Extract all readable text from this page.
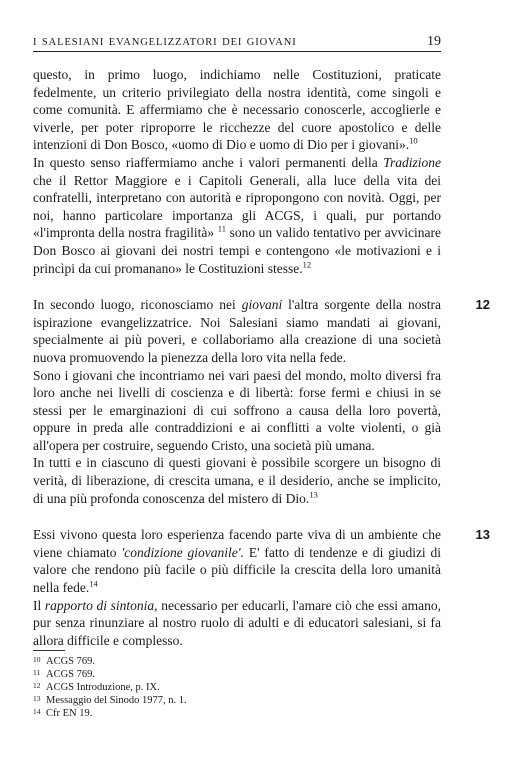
I SALESIANI EVANGELIZZATORI DEI GIOVANI	19

questo, in primo luogo, indichiamo nelle Costituzioni, praticate fedelmente, un criterio privilegiato della nostra identità, come singoli e come comunità. E affermiamo che è necessario conoscerle, accoglierle e viverle, per poter riproporre le ricchezze del cuore apostolico e delle intenzioni di Don Bosco, «uomo di Dio e uomo di Dio per i giovani».$^{10}$

In questo senso riaffermiamo anche i valori permanenti della Tradizione che il Rettor Maggiore e i Capitoli Generali, alla luce della vita dei confratelli, interpretano con autorità e ripropongono con novità. Oggi, per noi, hanno particolare importanza gli ACGS, i quali, pur portando «l'impronta della nostra fragilità» $^{11}$ sono un valido tentativo per avvicinare Don Bosco ai giovani dei nostri tempi e contengono «le motivazioni e i princìpi da cui promanano» le Costituzioni stesse.$^{12}$

In secondo luogo, riconosciamo nei giovani l'altra sorgente della nostra ispirazione evangelizzatrice. Noi Salesiani siamo mandati ai giovani, specialmente ai più poveri, e collaboriamo alla creazione di una società nuova promuovendo la pienezza della loro vita nella fede.
12

Sono i giovani che incontriamo nei vari paesi del mondo, molto diversi fra loro anche nei livelli di coscienza e di libertà: forse fermi e chiusi in se stessi per le emarginazioni di cui soffrono a causa della loro povertà, oppure in preda alle contraddizioni e ai conflitti a volte violenti, o già all'opera per costruire, seguendo Cristo, una società più umana.

In tutti e in ciascuno di questi giovani è possibile scorgere un bisogno di verità, di liberazione, di crescita umana, e il desiderio, anche se implicito, di una più profonda conoscenza del mistero di Dio.$^{13}$

Essi vivono questa loro esperienza facendo parte viva di un ambiente che viene chiamato 'condizione giovanile'. E' fatto di tendenze e di giudizi di valore che rendono più facile o più difficile la crescita della loro umanità nella fede.$^{14}$
13

Il rapporto di sintonia, necessario per educarli, l'amare ciò che essi amano, pur senza rinunziare al nostro ruolo di adulti e di educatori salesiani, si fa allora difficile e complesso.

10 ACGS 769.
11 ACGS 769.
12 ACGS Introduzione, p. IX.
13 Messaggio del Sinodo 1977, n. 1.
14 Cfr EN 19.
